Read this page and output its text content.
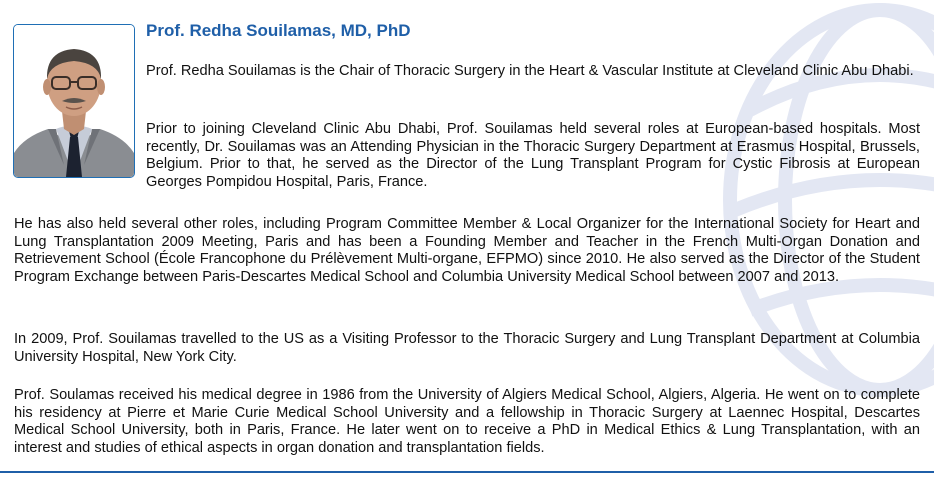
Prof. Redha Souilamas, MD, PhD

Prof. Redha Souilamas is the Chair of Thoracic Surgery in the Heart & Vascular Institute at Cleveland Clinic Abu Dhabi.

Prior to joining Cleveland Clinic Abu Dhabi, Prof. Souilamas held several roles at European-based hospitals. Most recently, Dr. Souilamas was an Attending Physician in the Thoracic Surgery Department at Erasmus Hospital, Brussels, Belgium. Prior to that, he served as the Director of the Lung Transplant Program for Cystic Fibrosis at European Georges Pompidou Hospital, Paris, France.

He has also held several other roles, including Program Committee Member & Local Organizer for the International Society for Heart and Lung Transplantation 2009 Meeting, Paris and has been a Founding Member and Teacher in the French Multi-Organ Donation and Retrievement School (École Francophone du Prélèvement Multi-organe, EFPMO) since 2010. He also served as the Director of the Student Program Exchange between Paris-Descartes Medical School and Columbia University Medical School between 2007 and 2013.

In 2009, Prof. Souilamas travelled to the US as a Visiting Professor to the Thoracic Surgery and Lung Transplant Department at Columbia University Hospital, New York City.

Prof. Soulamas received his medical degree in 1986 from the University of Algiers Medical School, Algiers, Algeria. He went on to complete his residency at Pierre et Marie Curie Medical School University and a fellowship in Thoracic Surgery at Laennec Hospital, Descartes Medical School University, both in Paris, France. He later went on to receive a PhD in Medical Ethics & Lung Transplantation, with an interest and studies of ethical aspects in organ donation and transplantation fields.
